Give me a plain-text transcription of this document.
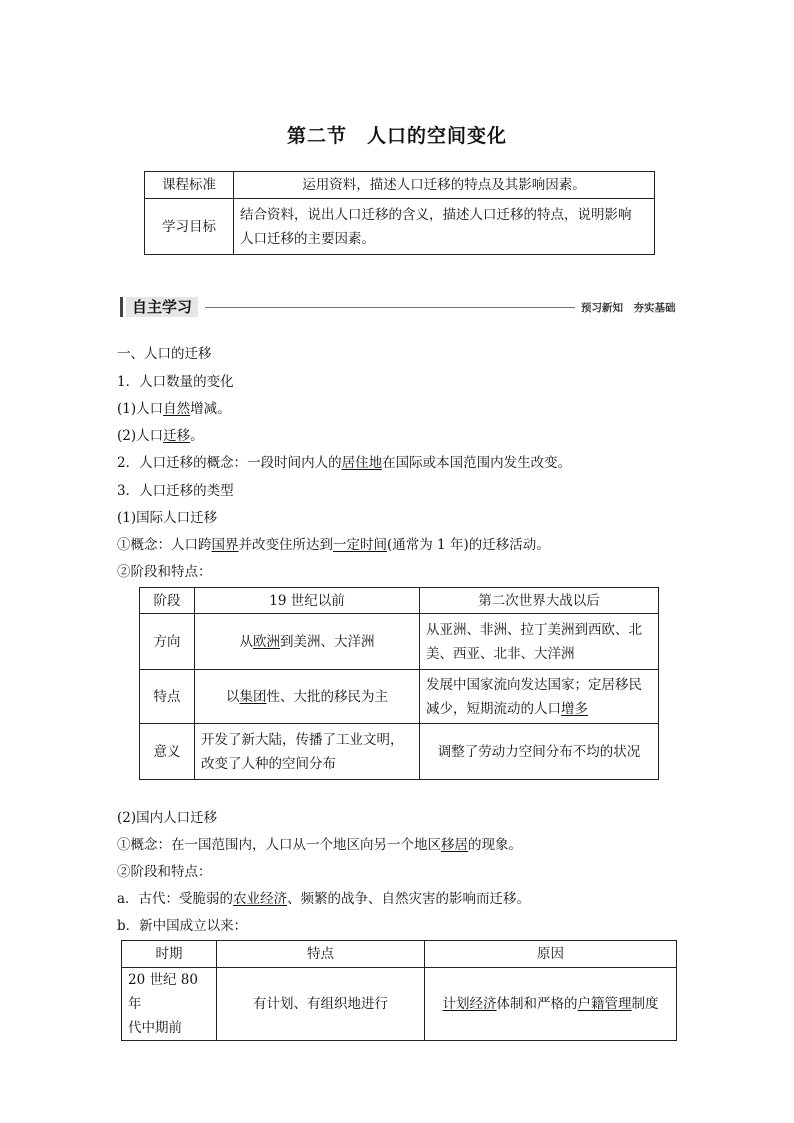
第二节　人口的空间变化
课程标准	运用资料，描述人口迁移的特点及其影响因素。
学习目标	结合资料，说出人口迁移的含义，描述人口迁移的特点，说明影响
人口迁移的主要因素。
自主学习	预习新知　夯实基础
一、人口的迁移
1．人口数量的变化
(1)人口自然增减。
(2)人口迁移。
2．人口迁移的概念：一段时间内人的居住地在国际或本国范围内发生改变。
3．人口迁移的类型
(1)国际人口迁移
①概念：人口跨国界并改变住所达到一定时间(通常为 1 年)的迁移活动。
②阶段和特点：
阶段	19 世纪以前	第二次世界大战以后
方向	从欧洲到美洲、大洋洲	从亚洲、非洲、拉丁美洲到西欧、北
美、西亚、北非、大洋洲

特点	以集团性、大批的移民为主	发展中国家流向发达国家；定居移民
减少，短期流动的人口增多

意义	开发了新大陆，传播了工业文明，
改变了人种的空间分布	调整了劳动力空间分布不均的状况
(2)国内人口迁移
①概念：在一国范围内，人口从一个地区向另一个地区移居的现象。
②阶段和特点：
a．古代：受脆弱的农业经济、频繁的战争、自然灾害的影响而迁移。
b．新中国成立以来：
时期	特点	原因

20 世纪 80 年
代中期前	有计划、有组织地进行	计划经济体制和严格的户籍管理制度
